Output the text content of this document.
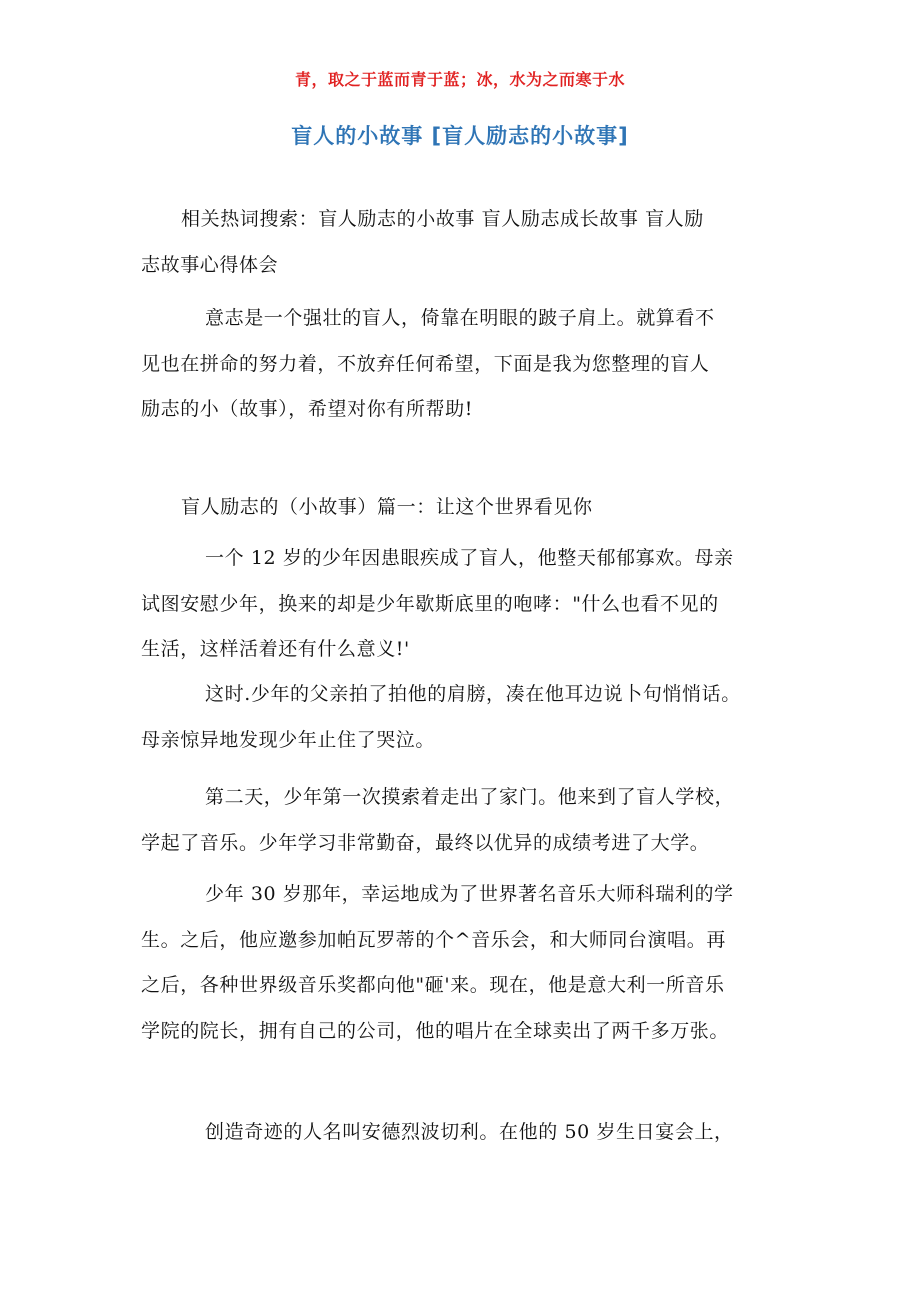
青，取之于蓝而青于蓝；冰，水为之而寒于水
盲人的小故事 [盲人励志的小故事]
相关热词搜索：盲人励志的小故事 盲人励志成长故事 盲人励
志故事心得体会
意志是一个强壮的盲人，倚靠在明眼的跛子肩上。就算看不
见也在拼命的努力着，不放弃任何希望，下面是我为您整理的盲人
励志的小（故事），希望对你有所帮助!
盲人励志的（小故事）篇一：让这个世界看见你
一个 12 岁的少年因患眼疾成了盲人，他整天郁郁寡欢。母亲
试图安慰少年，换来的却是少年歇斯底里的咆哮："什么也看不见的
生活，这样活着还有什么意义!'
这时.少年的父亲拍了拍他的肩膀，凑在他耳边说卜句悄悄话。
母亲惊异地发现少年止住了哭泣。
第二天，少年第一次摸索着走出了家门。他来到了盲人学校，
学起了音乐。少年学习非常勤奋，最终以优异的成绩考进了大学。
少年 30 岁那年，幸运地成为了世界著名音乐大师科瑞利的学
生。之后，他应邀参加帕瓦罗蒂的个^音乐会，和大师同台演唱。再
之后，各种世界级音乐奖都向他"砸'来。现在，他是意大利一所音乐
学院的院长，拥有自己的公司，他的唱片在全球卖出了两千多万张。
创造奇迹的人名叫安德烈波切利。在他的 50 岁生日宴会上，
